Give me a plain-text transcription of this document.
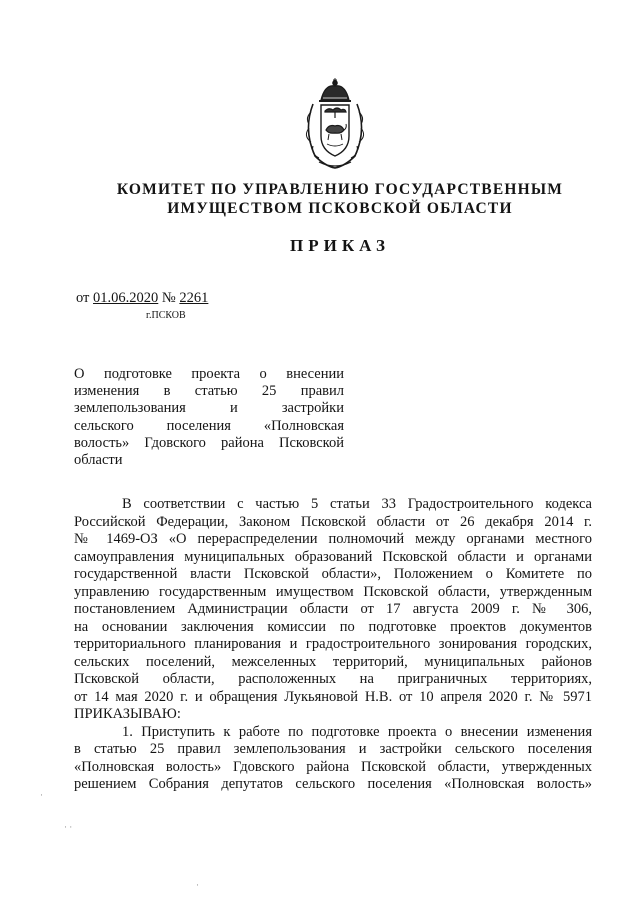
КОМИТЕТ ПО УПРАВЛЕНИЮ ГОСУДАРСТВЕННЫМ
ИМУЩЕСТВОМ ПСКОВСКОЙ ОБЛАСТИ
ПРИКАЗ
от 01.06.2020 № 2261
г.ПСКОВ
О подготовке проекта о внесении
изменения в статью 25 правил
землепользования и застройки
сельского поселения «Полновская
волость» Гдовского района Псковской
области
В соответствии с частью 5 статьи 33 Градостроительного кодекса
Российской Федерации, Законом Псковской области от 26 декабря 2014 г.
№ 1469-ОЗ «О перераспределении полномочий между органами местного
самоуправления муниципальных образований Псковской области и органами
государственной власти Псковской области», Положением о Комитете по
управлению государственным имуществом Псковской области, утвержденным
постановлением Администрации области от 17 августа 2009 г. № 306,
на основании заключения комиссии по подготовке проектов документов
территориального планирования и градостроительного зонирования городских,
сельских поселений, межселенных территорий, муниципальных районов
Псковской области, расположенных на приграничных территориях,
от 14 мая 2020 г. и обращения Лукьяновой Н.В. от 10 апреля 2020 г. № 5971
ПРИКАЗЫВАЮ:
1. Приступить к работе по подготовке проекта о внесении изменения
в статью 25 правил землепользования и застройки сельского поселения
«Полновская волость» Гдовского района Псковской области, утвержденных
решением Собрания депутатов сельского поселения «Полновская волость»
·
· ·
·
